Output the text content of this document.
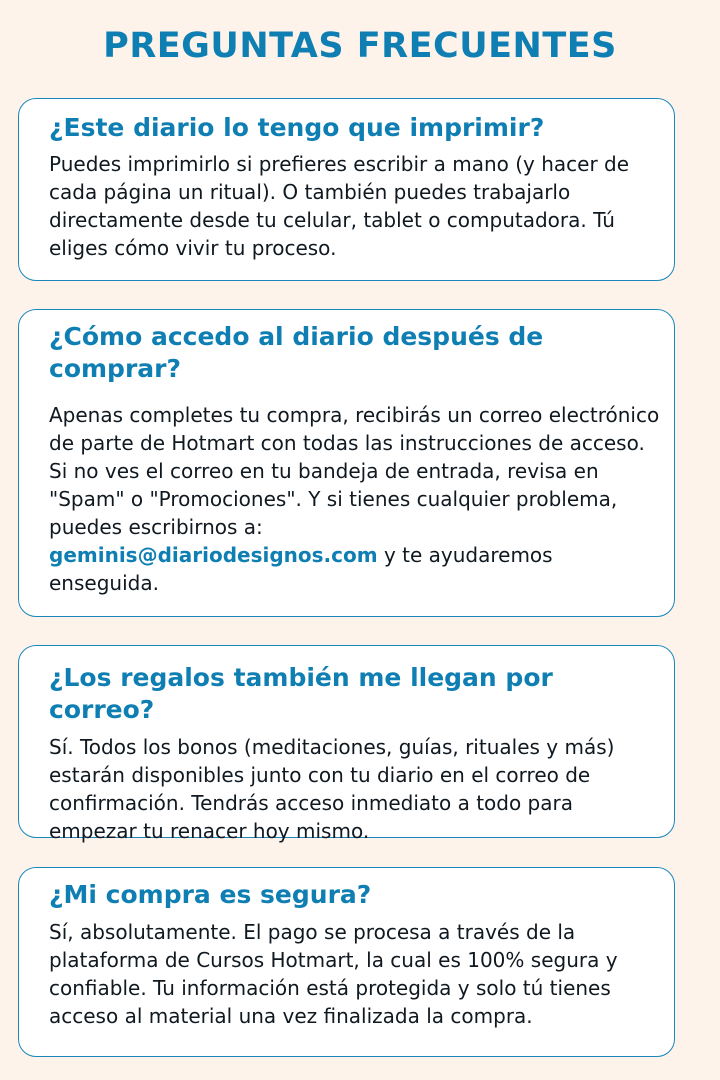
PREGUNTAS FRECUENTES
¿Este diario lo tengo que imprimir?
Puedes imprimirlo si prefieres escribir a mano (y hacer de cada página un ritual). O también puedes trabajarlo directamente desde tu celular, tablet o computadora. Tú eliges cómo vivir tu proceso.
¿Cómo accedo al diario después de comprar?
Apenas completes tu compra, recibirás un correo electrónico de parte de Hotmart con todas las instrucciones de acceso. Si no ves el correo en tu bandeja de entrada, revisa en "Spam" o "Promociones". Y si tienes cualquier problema, puedes escribirnos a:
geminis@diariodesignos.com y te ayudaremos enseguida.
¿Los regalos también me llegan por correo?
Sí. Todos los bonos (meditaciones, guías, rituales y más) estarán disponibles junto con tu diario en el correo de confirmación. Tendrás acceso inmediato a todo para empezar tu renacer hoy mismo.
¿Mi compra es segura?
Sí, absolutamente. El pago se procesa a través de la plataforma de Cursos Hotmart, la cual es 100% segura y confiable. Tu información está protegida y solo tú tienes acceso al material una vez finalizada la compra.
